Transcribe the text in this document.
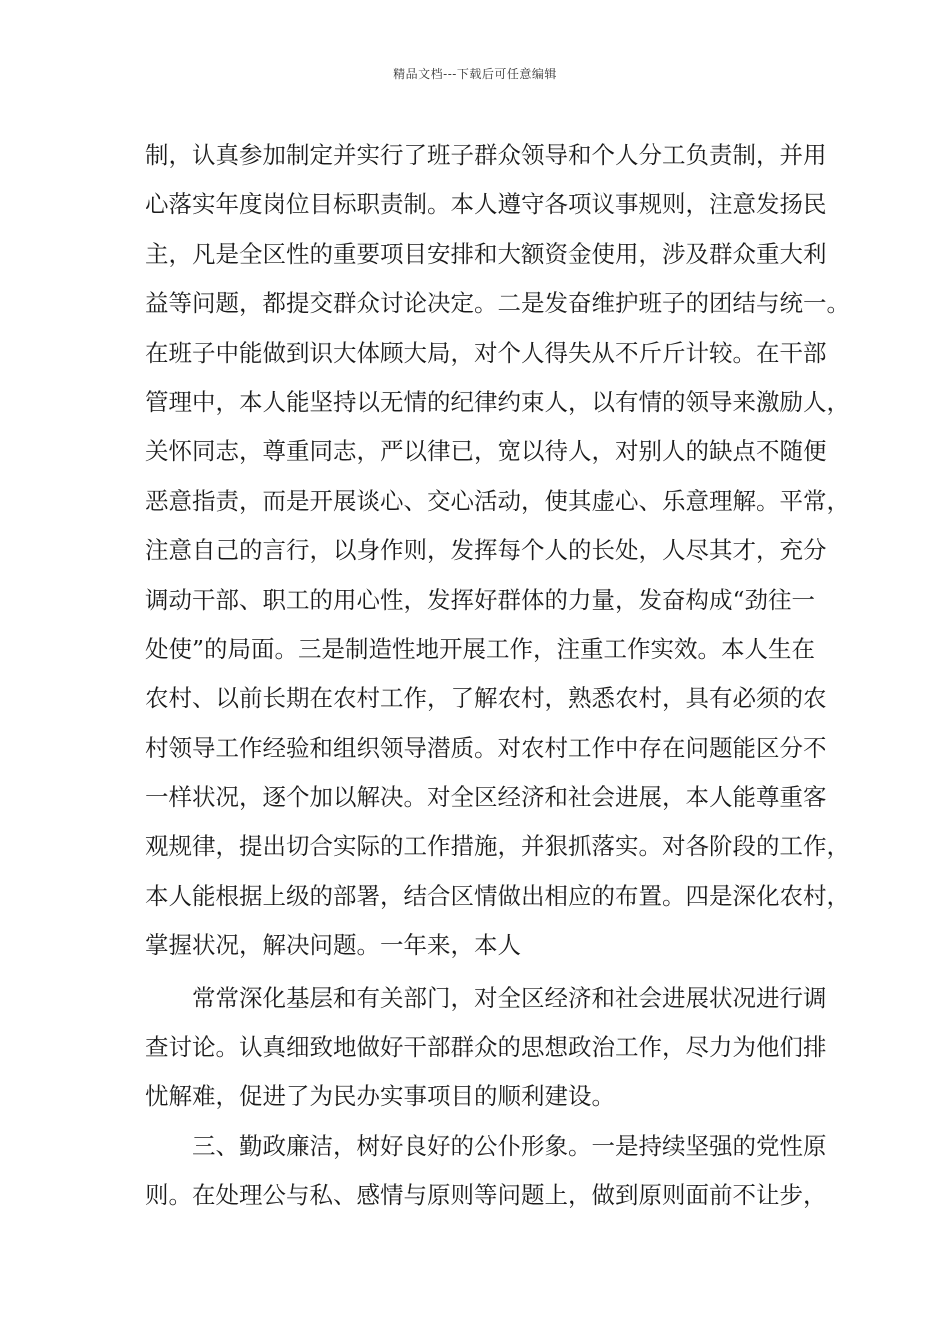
精品文档---下载后可任意编辑
制，认真参加制定并实行了班子群众领导和个人分工负责制，并用
心落实年度岗位目标职责制。本人遵守各项议事规则，注意发扬民
主，凡是全区性的重要项目安排和大额资金使用，涉及群众重大利
益等问题，都提交群众讨论决定。二是发奋维护班子的团结与统一。
在班子中能做到识大体顾大局，对个人得失从不斤斤计较。在干部
管理中，本人能坚持以无情的纪律约束人，以有情的领导来激励人，
关怀同志，尊重同志，严以律已，宽以待人，对别人的缺点不随便
恶意指责，而是开展谈心、交心活动，使其虚心、乐意理解。平常，
注意自己的言行，以身作则，发挥每个人的长处，人尽其才，充分
调动干部、职工的用心性，发挥好群体的力量，发奋构成“劲往一
处使”的局面。三是制造性地开展工作，注重工作实效。本人生在
农村、以前长期在农村工作，了解农村，熟悉农村，具有必须的农
村领导工作经验和组织领导潜质。对农村工作中存在问题能区分不
一样状况，逐个加以解决。对全区经济和社会进展，本人能尊重客
观规律，提出切合实际的工作措施，并狠抓落实。对各阶段的工作，
本人能根据上级的部署，结合区情做出相应的布置。四是深化农村，
掌握状况，解决问题。一年来，本人
常常深化基层和有关部门，对全区经济和社会进展状况进行调
查讨论。认真细致地做好干部群众的思想政治工作，尽力为他们排
忧解难，促进了为民办实事项目的顺利建设。
三、勤政廉洁，树好良好的公仆形象。一是持续坚强的党性原
则。在处理公与私、感情与原则等问题上，做到原则面前不让步，
